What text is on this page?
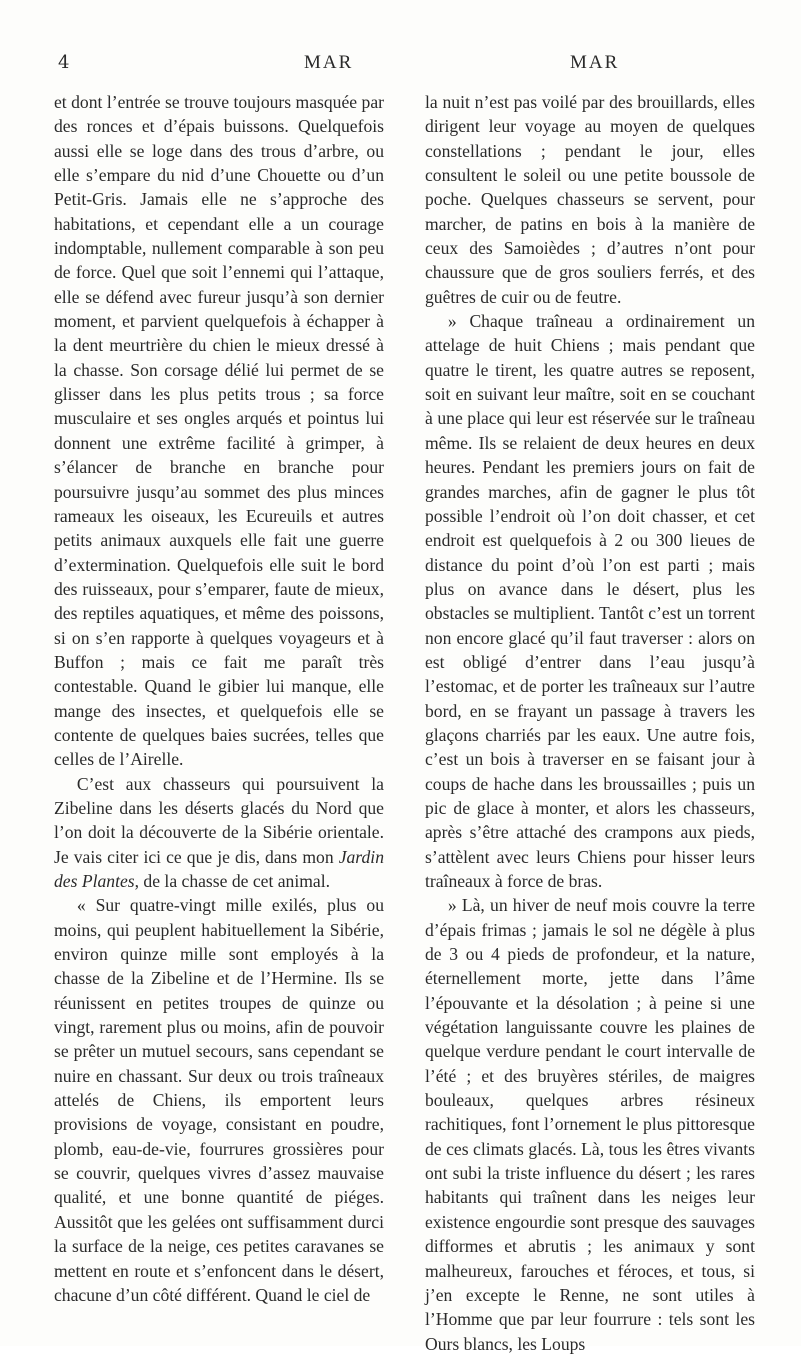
4	MAR	MAR

et dont l’entrée se trouve toujours masquée par des ronces et d’épais buissons. Quelquefois aussi elle se loge dans des trous d’arbre, ou elle s’empare du nid d’une Chouette ou d’un Petit-Gris. Jamais elle ne s’approche des habitations, et cependant elle a un courage indomptable, nullement comparable à son peu de force. Quel que soit l’ennemi qui l’attaque, elle se défend avec fureur jusqu’à son dernier moment, et parvient quelquefois à échapper à la dent meurtrière du chien le mieux dressé à la chasse. Son corsage délié lui permet de se glisser dans les plus petits trous ; sa force musculaire et ses ongles arqués et pointus lui donnent une extrême facilité à grimper, à s’élancer de branche en branche pour poursuivre jusqu’au sommet des plus minces rameaux les oiseaux, les Ecureuils et autres petits animaux auxquels elle fait une guerre d’extermination. Quelquefois elle suit le bord des ruisseaux, pour s’emparer, faute de mieux, des reptiles aquatiques, et même des poissons, si on s’en rapporte à quelques voyageurs et à Buffon ; mais ce fait me paraît très contestable. Quand le gibier lui manque, elle mange des insectes, et quelquefois elle se contente de quelques baies sucrées, telles que celles de l’Airelle.

C’est aux chasseurs qui poursuivent la Zibeline dans les déserts glacés du Nord que l’on doit la découverte de la Sibérie orientale. Je vais citer ici ce que je dis, dans mon Jardin des Plantes, de la chasse de cet animal.

« Sur quatre-vingt mille exilés, plus ou moins, qui peuplent habituellement la Sibérie, environ quinze mille sont employés à la chasse de la Zibeline et de l’Hermine. Ils se réunissent en petites troupes de quinze ou vingt, rarement plus ou moins, afin de pouvoir se prêter un mutuel secours, sans cependant se nuire en chassant. Sur deux ou trois traîneaux attelés de Chiens, ils emportent leurs provisions de voyage, consistant en poudre, plomb, eau-de-vie, fourrures grossières pour se couvrir, quelques vivres d’assez mauvaise qualité, et une bonne quantité de piéges. Aussitôt que les gelées ont suffisamment durci la surface de la neige, ces petites caravanes se mettent en route et s’enfoncent dans le désert, chacune d’un côté différent. Quand le ciel de

la nuit n’est pas voilé par des brouillards, elles dirigent leur voyage au moyen de quelques constellations ; pendant le jour, elles consultent le soleil ou une petite boussole de poche. Quelques chasseurs se servent, pour marcher, de patins en bois à la manière de ceux des Samoièdes ; d’autres n’ont pour chaussure que de gros souliers ferrés, et des guêtres de cuir ou de feutre.

» Chaque traîneau a ordinairement un attelage de huit Chiens ; mais pendant que quatre le tirent, les quatre autres se reposent, soit en suivant leur maître, soit en se couchant à une place qui leur est réservée sur le traîneau même. Ils se relaient de deux heures en deux heures. Pendant les premiers jours on fait de grandes marches, afin de gagner le plus tôt possible l’endroit où l’on doit chasser, et cet endroit est quelquefois à 2 ou 300 lieues de distance du point d’où l’on est parti ; mais plus on avance dans le désert, plus les obstacles se multiplient. Tantôt c’est un torrent non encore glacé qu’il faut traverser : alors on est obligé d’entrer dans l’eau jusqu’à l’estomac, et de porter les traîneaux sur l’autre bord, en se frayant un passage à travers les glaçons charriés par les eaux. Une autre fois, c’est un bois à traverser en se faisant jour à coups de hache dans les broussailles ; puis un pic de glace à monter, et alors les chasseurs, après s’être attaché des crampons aux pieds, s’attèlent avec leurs Chiens pour hisser leurs traîneaux à force de bras.

» Là, un hiver de neuf mois couvre la terre d’épais frimas ; jamais le sol ne dégèle à plus de 3 ou 4 pieds de profondeur, et la nature, éternellement morte, jette dans l’âme l’épouvante et la désolation ; à peine si une végétation languissante couvre les plaines de quelque verdure pendant le court intervalle de l’été ; et des bruyères stériles, de maigres bouleaux, quelques arbres résineux rachitiques, font l’ornement le plus pittoresque de ces climats glacés. Là, tous les êtres vivants ont subi la triste influence du désert ; les rares habitants qui traînent dans les neiges leur existence engourdie sont presque des sauvages difformes et abrutis ; les animaux y sont malheureux, farouches et féroces, et tous, si j’en excepte le Renne, ne sont utiles à l’Homme que par leur fourrure : tels sont les Ours blancs, les Loups
